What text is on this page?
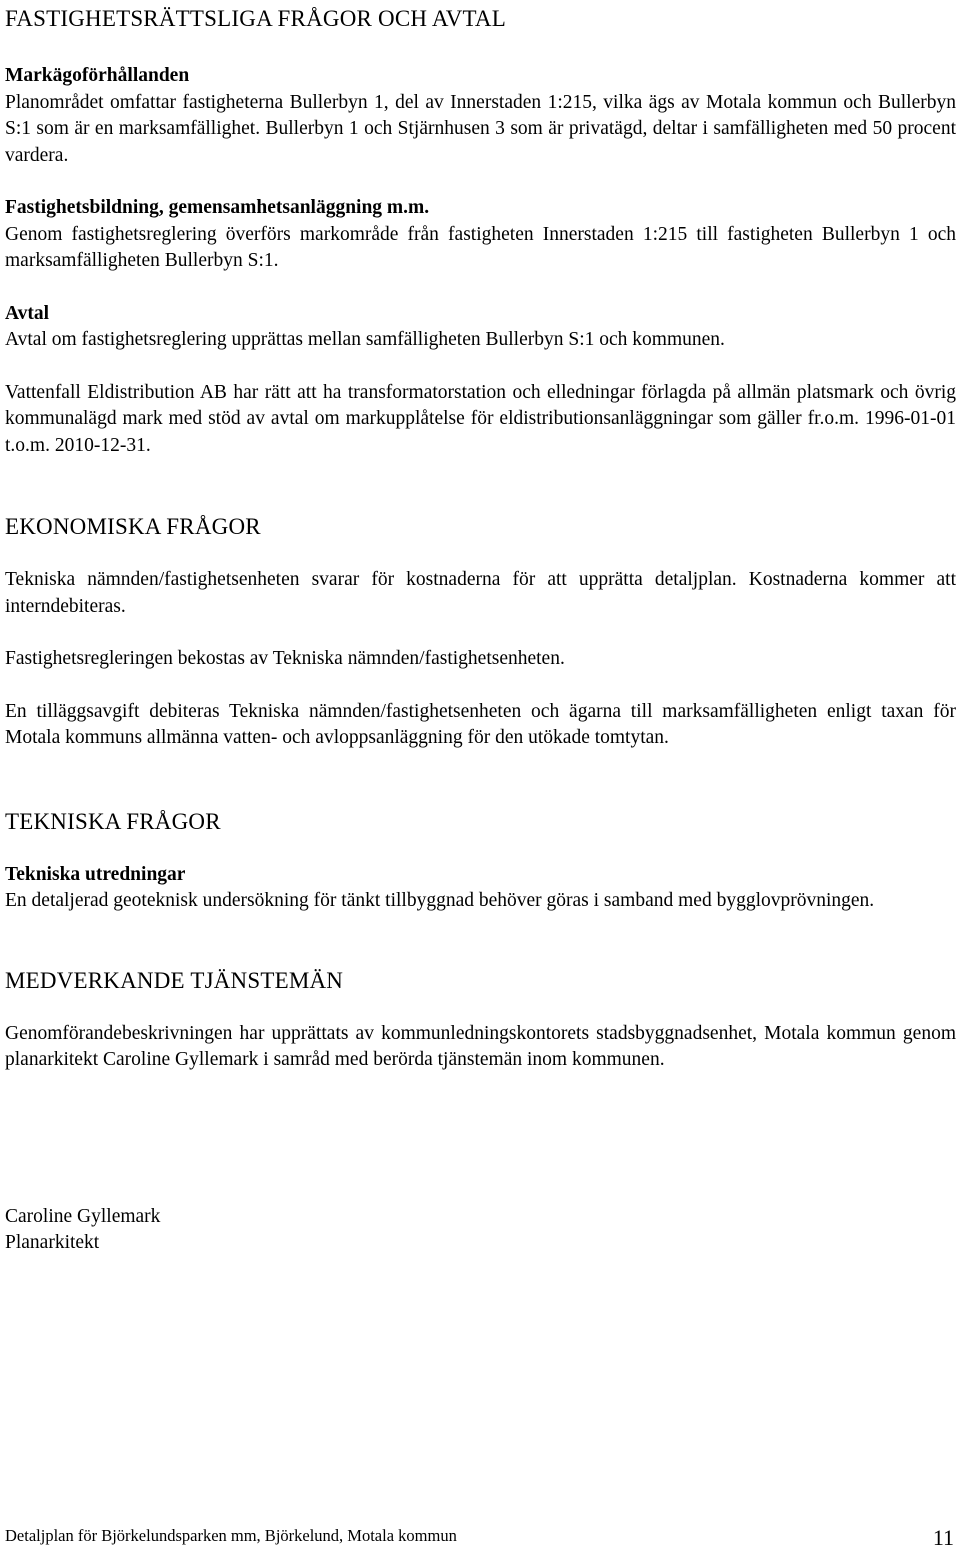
FASTIGHETSRÄTTSLIGA FRÅGOR OCH AVTAL
Markägoförhållanden

Planområdet omfattar fastigheterna Bullerbyn 1, del av Innerstaden 1:215, vilka ägs av Motala kommun och Bullerbyn S:1 som är en marksamfällighet. Bullerbyn 1 och Stjärnhusen 3 som är privatägd, deltar i samfälligheten med 50 procent vardera.

Fastighetsbildning, gemensamhetsanläggning m.m.

Genom fastighetsreglering överförs markområde från fastigheten Innerstaden 1:215 till fastigheten Bullerbyn 1 och marksamfälligheten Bullerbyn S:1.

Avtal

Avtal om fastighetsreglering upprättas mellan samfälligheten Bullerbyn S:1 och kommunen.

Vattenfall Eldistribution AB har rätt att ha transformatorstation och elledningar förlagda på allmän platsmark och övrig kommunalägd mark med stöd av avtal om markupplåtelse för eldistributionsanläggningar som gäller fr.o.m. 1996-01-01 t.o.m. 2010-12-31.

EKONOMISKA FRÅGOR

Tekniska nämnden/fastighetsenheten svarar för kostnaderna för att upprätta detaljplan. Kostnaderna kommer att interndebiteras.

Fastighetsregleringen bekostas av Tekniska nämnden/fastighetsenheten.

En tilläggsavgift debiteras Tekniska nämnden/fastighetsenheten och ägarna till marksamfälligheten enligt taxan för Motala kommuns allmänna vatten- och avloppsanläggning för den utökade tomtytan.

TEKNISKA FRÅGOR
Tekniska utredningar

En detaljerad geoteknisk undersökning för tänkt tillbyggnad behöver göras i samband med bygglovprövningen.

MEDVERKANDE TJÄNSTEMÄN

Genomförandebeskrivningen har upprättats av kommunledningskontorets stadsbyggnadsenhet, Motala kommun genom planarkitekt Caroline Gyllemark i samråd med berörda tjänstemän inom kommunen.

Caroline Gyllemark
Planarkitekt
Detaljplan för Björkelundsparken mm, Björkelund, Motala kommun	11
